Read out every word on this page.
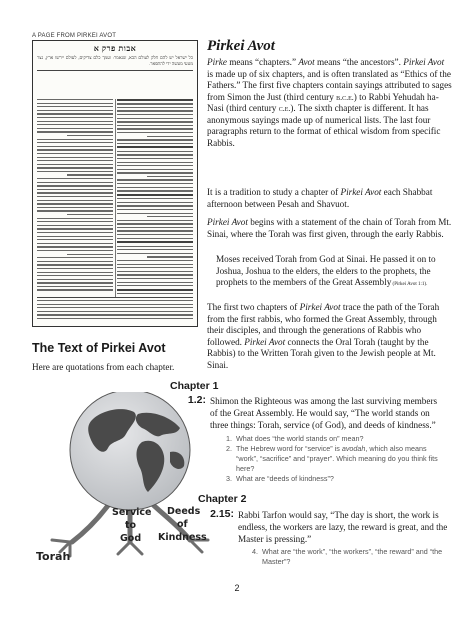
A PAGE FROM PIRKEI AVOT
אבות פרק א
כל ישראל יש להם חלק לעולם הבא, שנאמר: ועמך כלם צדיקים, לעולם יירשו ארץ, נצר מטעי מעשה ידי להתפאר.
Pirkei Avot

Pirke means “chapters.” Avot means “the ancestors”. Pirkei Avot is made up of six chapters, and is often translated as “Ethics of the Fathers.” The first five chapters contain sayings attributed to sages from Simon the Just (third century b.c.e.) to Rabbi Yehudah ha-Nasi (third century c.e.). The sixth chapter is different. It has anonymous sayings made up of numerical lists. The last four paragraphs return to the format of ethical wisdom from specific Rabbis.

It is a tradition to study a chapter of Pirkei Avot each Shabbat afternoon between Pesah and Shavuot.

Pirkei Avot begins with a statement of the chain of Torah from Mt. Sinai, where the Torah was first given, through the early Rabbis.

Moses received Torah from God at Sinai. He passed it on to Joshua, Joshua to the elders, the elders to the prophets, the prophets to the members of the Great Assembly (Pirkei Avot 1:1).

The first two chapters of Pirkei Avot trace the path of the Torah from the first rabbis, who formed the Great Assembly, through their disciples, and through the generations of Rabbis who followed. Pirkei Avot connects the Oral Torah (taught by the Rabbis) to the Written Torah given to the Jewish people at Mt. Sinai.

The Text of Pirkei Avot

Here are quotations from each chapter.

Torah
Service
to
God
Deeds
of
Kindness
Chapter 1
1.2: Shimon the Righteous was among the last surviving members of the Great Assembly. He would say, “The world stands on three things: Torah, service (of God), and deeds of kindness.”

1. What does “the world stands on” mean?
2. The Hebrew word for “service” is avodah, which also means “work”, “sacrifice” and “prayer”. Which meaning do you think fits here?
3. What are “deeds of kindness”?
Chapter 2
2.15: Rabbi Tarfon would say, “The day is short, the work is endless, the workers are lazy, the reward is great, and the Master is pressing.”

4. What are “the work”, “the workers”, “the reward” and “the Master”?
2
